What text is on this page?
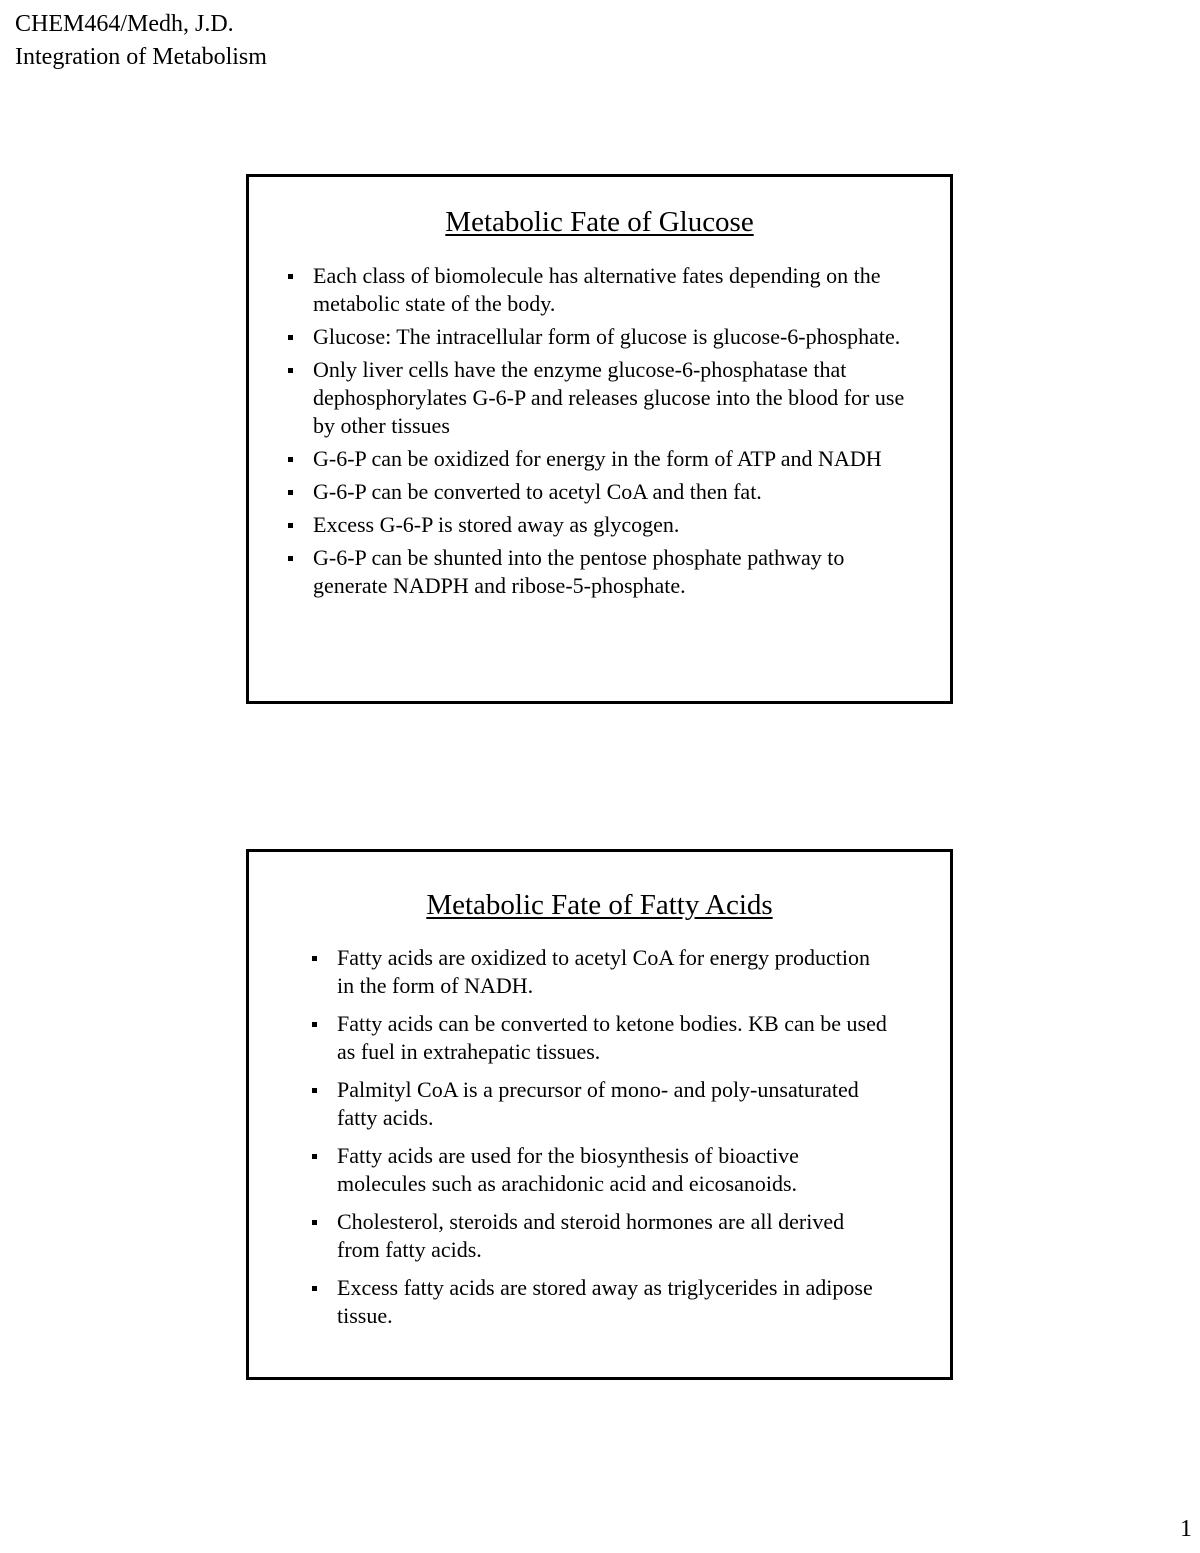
CHEM464/Medh, J.D.
Integration of Metabolism
Metabolic Fate of Glucose
Each class of biomolecule has alternative fates depending on the metabolic state of the body.
Glucose: The intracellular form of glucose is glucose-6-phosphate.
Only liver cells have the enzyme glucose-6-phosphatase that dephosphorylates G-6-P and releases glucose into the blood for use by other tissues
G-6-P can be oxidized for energy in the form of ATP and NADH
G-6-P can be converted to acetyl CoA and then fat.
Excess G-6-P is stored away as glycogen.
G-6-P can be shunted into the pentose phosphate pathway to generate NADPH and ribose-5-phosphate.
Metabolic Fate of Fatty Acids
Fatty acids are oxidized to acetyl CoA for energy production in the form of NADH.
Fatty acids can be converted to ketone bodies. KB can be used as fuel in extrahepatic tissues.
Palmityl CoA is a precursor of mono- and poly-unsaturated fatty acids.
Fatty acids are used for the biosynthesis of bioactive molecules such as arachidonic acid and eicosanoids.
Cholesterol, steroids and steroid hormones are all derived from fatty acids.
Excess fatty acids are stored away as triglycerides in adipose tissue.
1
